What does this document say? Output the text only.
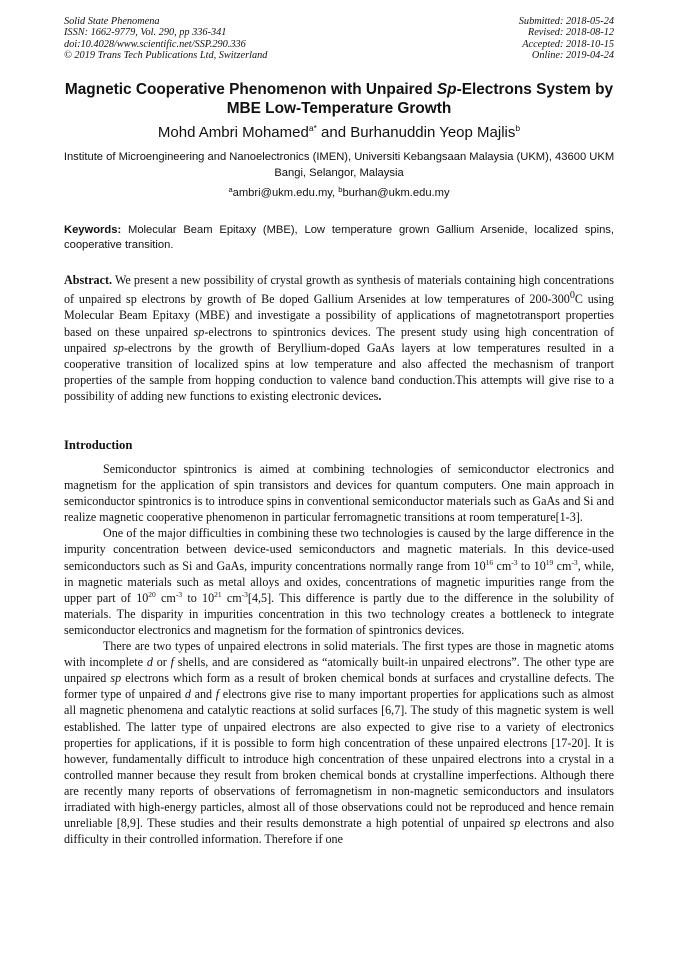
Solid State Phenomena
ISSN: 1662-9779, Vol. 290, pp 336-341
doi:10.4028/www.scientific.net/SSP.290.336
© 2019 Trans Tech Publications Ltd, Switzerland
Submitted: 2018-05-24
Revised: 2018-08-12
Accepted: 2018-10-15
Online: 2019-04-24
Magnetic Cooperative Phenomenon with Unpaired Sp-Electrons System by MBE Low-Temperature Growth
Mohd Ambri Mohamed$^{a*}$ and Burhanuddin Yeop Majlis$^b$
Institute of Microengineering and Nanoelectronics (IMEN), Universiti Kebangsaan Malaysia (UKM), 43600 UKM Bangi, Selangor, Malaysia
$^a$ambri@ukm.edu.my, $^b$burhan@ukm.edu.my
Keywords: Molecular Beam Epitaxy (MBE), Low temperature grown Gallium Arsenide, localized spins, cooperative transition.
Abstract. We present a new possibility of crystal growth as synthesis of materials containing high concentrations of unpaired sp electrons by growth of Be doped Gallium Arsenides at low temperatures of $200-300^0C$ using Molecular Beam Epitaxy (MBE) and investigate a possibility of applications of magnetotransport properties based on these unpaired sp-electrons to spintronics devices. The present study using high concentration of unpaired sp-electrons by the growth of Beryllium-doped GaAs layers at low temperatures resulted in a cooperative transition of localized spins at low temperature and also affected the mechasnism of tranport properties of the sample from hopping conduction to valence band conduction.This attempts will give rise to a possibility of adding new functions to existing electronic devices.
Introduction

Semiconductor spintronics is aimed at combining technologies of semiconductor electronics and magnetism for the application of spin transistors and devices for quantum computers. One main approach in semiconductor spintronics is to introduce spins in conventional semiconductor materials such as GaAs and Si and realize magnetic cooperative phenomenon in particular ferromagnetic transitions at room temperature[1-3].

One of the major difficulties in combining these two technologies is caused by the large difference in the impurity concentration between device-used semiconductors and magnetic materials. In this device-used semiconductors such as Si and GaAs, impurity concentrations normally range from $10^{16}$ $cm^{-3}$ to $10^{19}$ $cm^{-3}$, while, in magnetic materials such as metal alloys and oxides, concentrations of magnetic impurities range from the upper part of $10^{20}$ $cm^{-3}$ to $10^{21}$ $cm^{-3}[4,5]$. This difference is partly due to the difference in the solubility of materials. The disparity in impurities concentration in this two technology creates a bottleneck to integrate semiconductor electronics and magnetism for the formation of spintronics devices.

There are two types of unpaired electrons in solid materials. The first types are those in magnetic atoms with incomplete d or f shells, and are considered as “atomically built-in unpaired electrons”. The other type are unpaired sp electrons which form as a result of broken chemical bonds at surfaces and crystalline defects. The former type of unpaired d and f electrons give rise to many important properties for applications such as almost all magnetic phenomena and catalytic reactions at solid surfaces [6,7]. The study of this magnetic system is well established. The latter type of unpaired electrons are also expected to give rise to a variety of electronics properties for applications, if it is possible to form high concentration of these unpaired electrons [17-20]. It is however, fundamentally difficult to introduce high concentration of these unpaired electrons into a crystal in a controlled manner because they result from broken chemical bonds at crystalline imperfections. Although there are recently many reports of observations of ferromagnetism in non-magnetic semiconductors and insulators irradiated with high-energy particles, almost all of those observations could not be reproduced and hence remain unreliable [8,9]. These studies and their results demonstrate a high potential of unpaired sp electrons and also difficulty in their controlled information. Therefore if one
